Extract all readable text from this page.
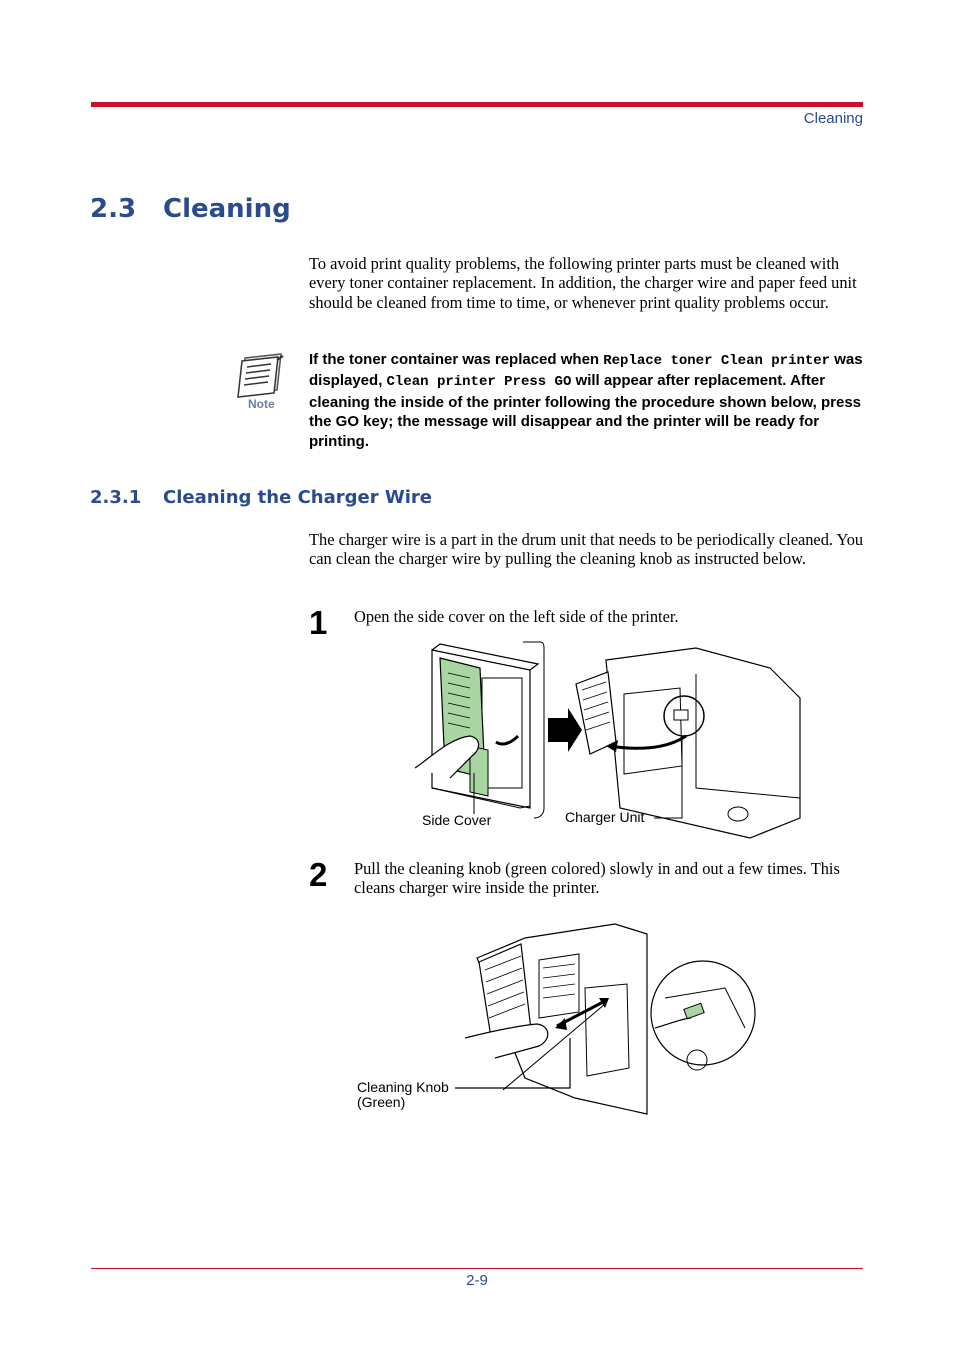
Cleaning
2.3 Cleaning
To avoid print quality problems, the following printer parts must be cleaned with every toner container replacement. In addition, the charger wire and paper feed unit should be cleaned from time to time, or whenever print quality problems occur.
Note
If the toner container was replaced when Replace toner Clean printer was displayed, Clean printer Press GO will appear after replacement. After cleaning the inside of the printer following the procedure shown below, press the GO key; the message will disappear and the printer will be ready for printing.
2.3.1 Cleaning the Charger Wire
The charger wire is a part in the drum unit that needs to be periodically cleaned. You can clean the charger wire by pulling the cleaning knob as instructed below.
1 Open the side cover on the left side of the printer.
Side Cover	Charger Unit
2 Pull the cleaning knob (green colored) slowly in and out a few times. This cleans charger wire inside the printer.
Cleaning Knob
(Green)
2-9
